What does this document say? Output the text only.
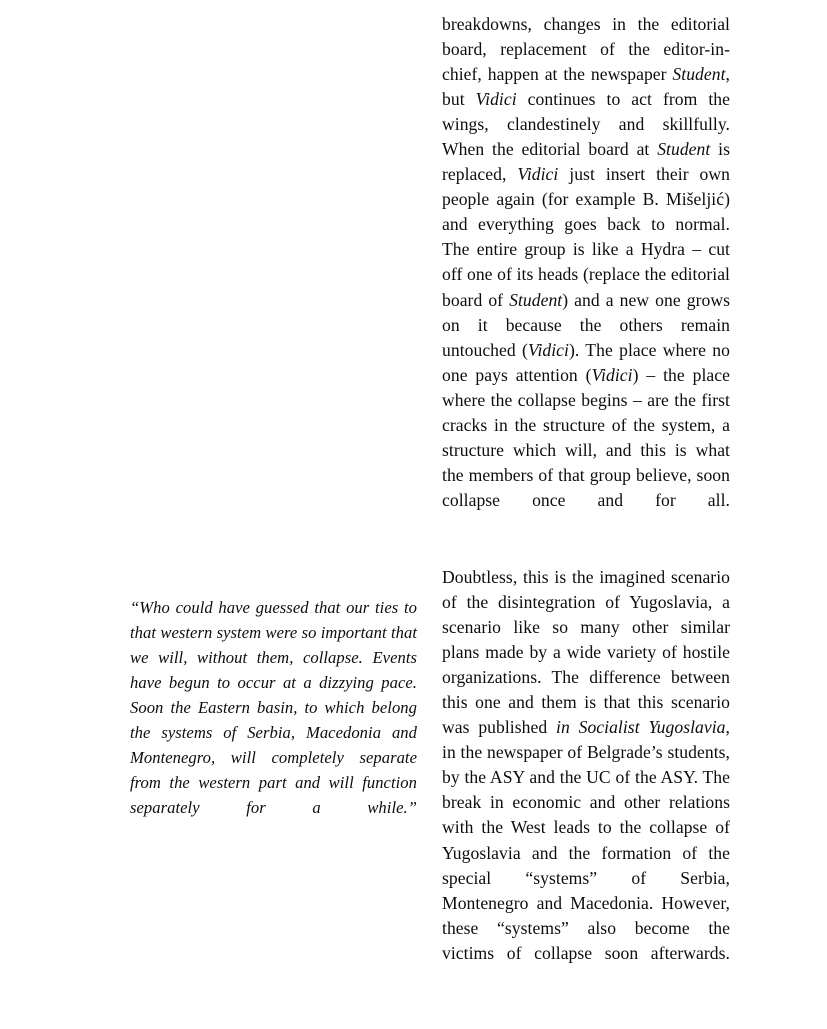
“Who could have guessed that our ties to that western system were so important that we will, without them, collapse. Events have begun to occur at a dizzying pace. Soon the Eastern basin, to which belong the systems of Serbia, Macedonia and Montenegro, will completely separate from the western part and will function separately for a while.”

breakdowns, changes in the editorial board, replacement of the editor-in-chief, happen at the newspaper Student, but Vidici continues to act from the wings, clandestinely and skillfully. When the editorial board at Student is replaced, Vidici just insert their own people again (for example B. Mišeljić) and everything goes back to normal. The entire group is like a Hydra – cut off one of its heads (replace the editorial board of Student) and a new one grows on it because the others remain untouched (Vidici). The place where no one pays attention (Vidici) – the place where the collapse begins – are the first cracks in the structure of the system, a structure which will, and this is what the members of that group believe, soon collapse once and for all.

Doubtless, this is the imagined scenario of the disintegration of Yugoslavia, a scenario like so many other similar plans made by a wide variety of hostile organizations. The difference between this one and them is that this scenario was published in Socialist Yugoslavia, in the newspaper of Belgrade’s students, by the ASY and the UC of the ASY. The break in economic and other relations with the West leads to the collapse of Yugoslavia and the formation of the special “systems” of Serbia, Montenegro and Macedonia. However, these “systems” also become the victims of collapse soon afterwards.
